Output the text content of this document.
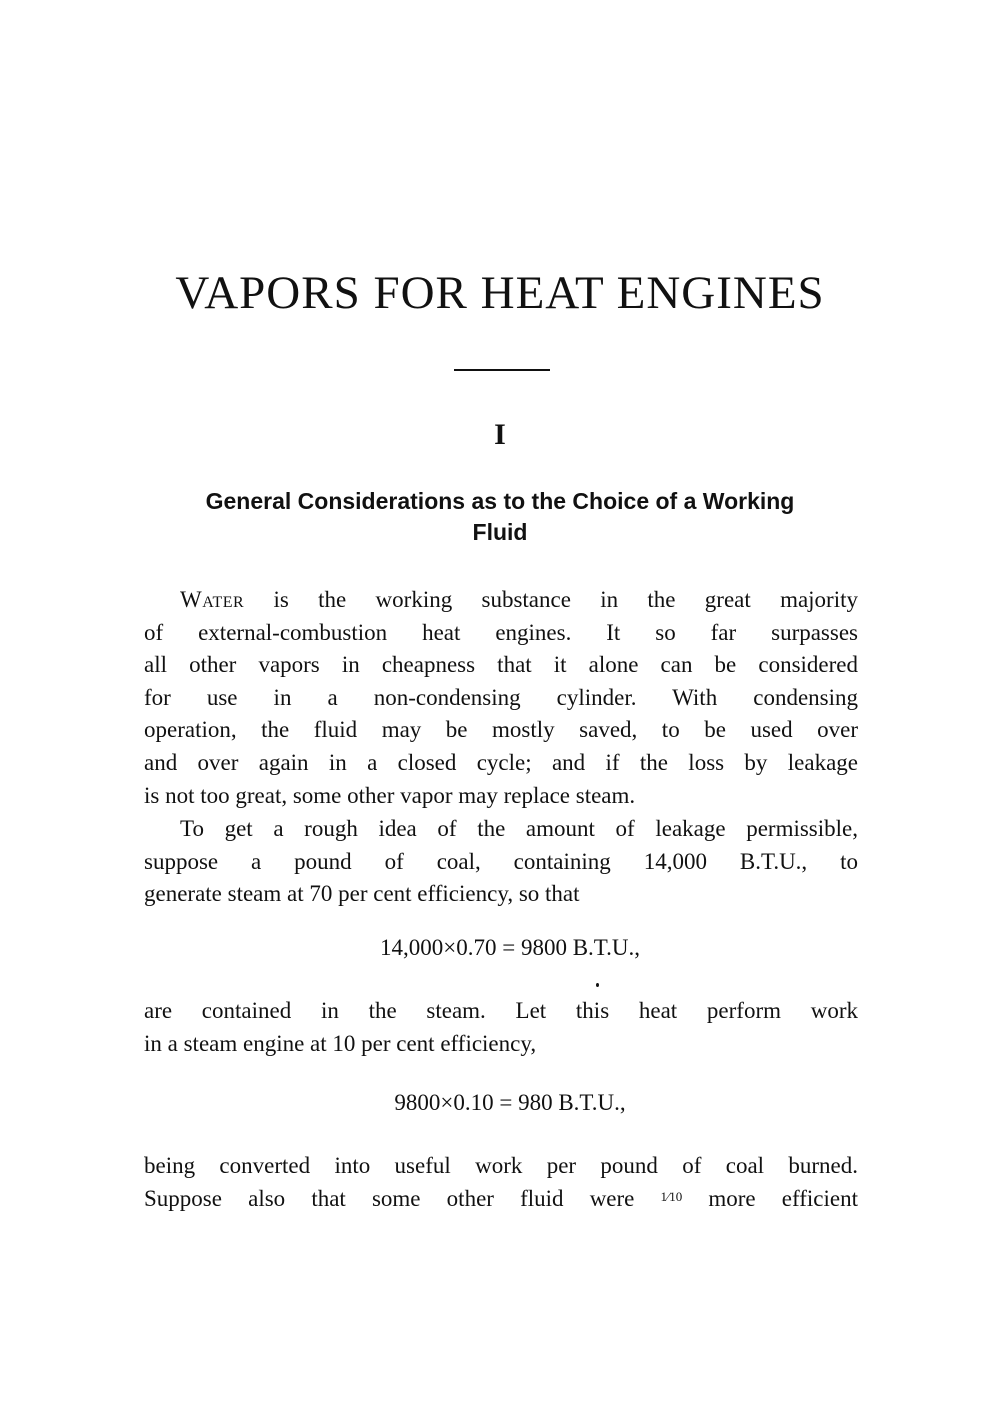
VAPORS FOR HEAT ENGINES
I
General Considerations as to the Choice of a Working
Fluid
Water is the working substance in the great majority
of external-combustion heat engines. It so far surpasses
all other vapors in cheapness that it alone can be considered
for use in a non-condensing cylinder. With condensing
operation, the fluid may be mostly saved, to be used over
and over again in a closed cycle; and if the loss by leakage
is not too great, some other vapor may replace steam.
To get a rough idea of the amount of leakage permissible,
suppose a pound of coal, containing 14,000 B.T.U., to
generate steam at 70 per cent efficiency, so that
14,000×0.70 = 9800 B.T.U.,
are contained in the steam. Let this heat perform work
in a steam engine at 10 per cent efficiency,
9800×0.10 = 980 B.T.U.,
being converted into useful work per pound of coal burned.
Suppose also that some other fluid were 1⁄10 more efficient
